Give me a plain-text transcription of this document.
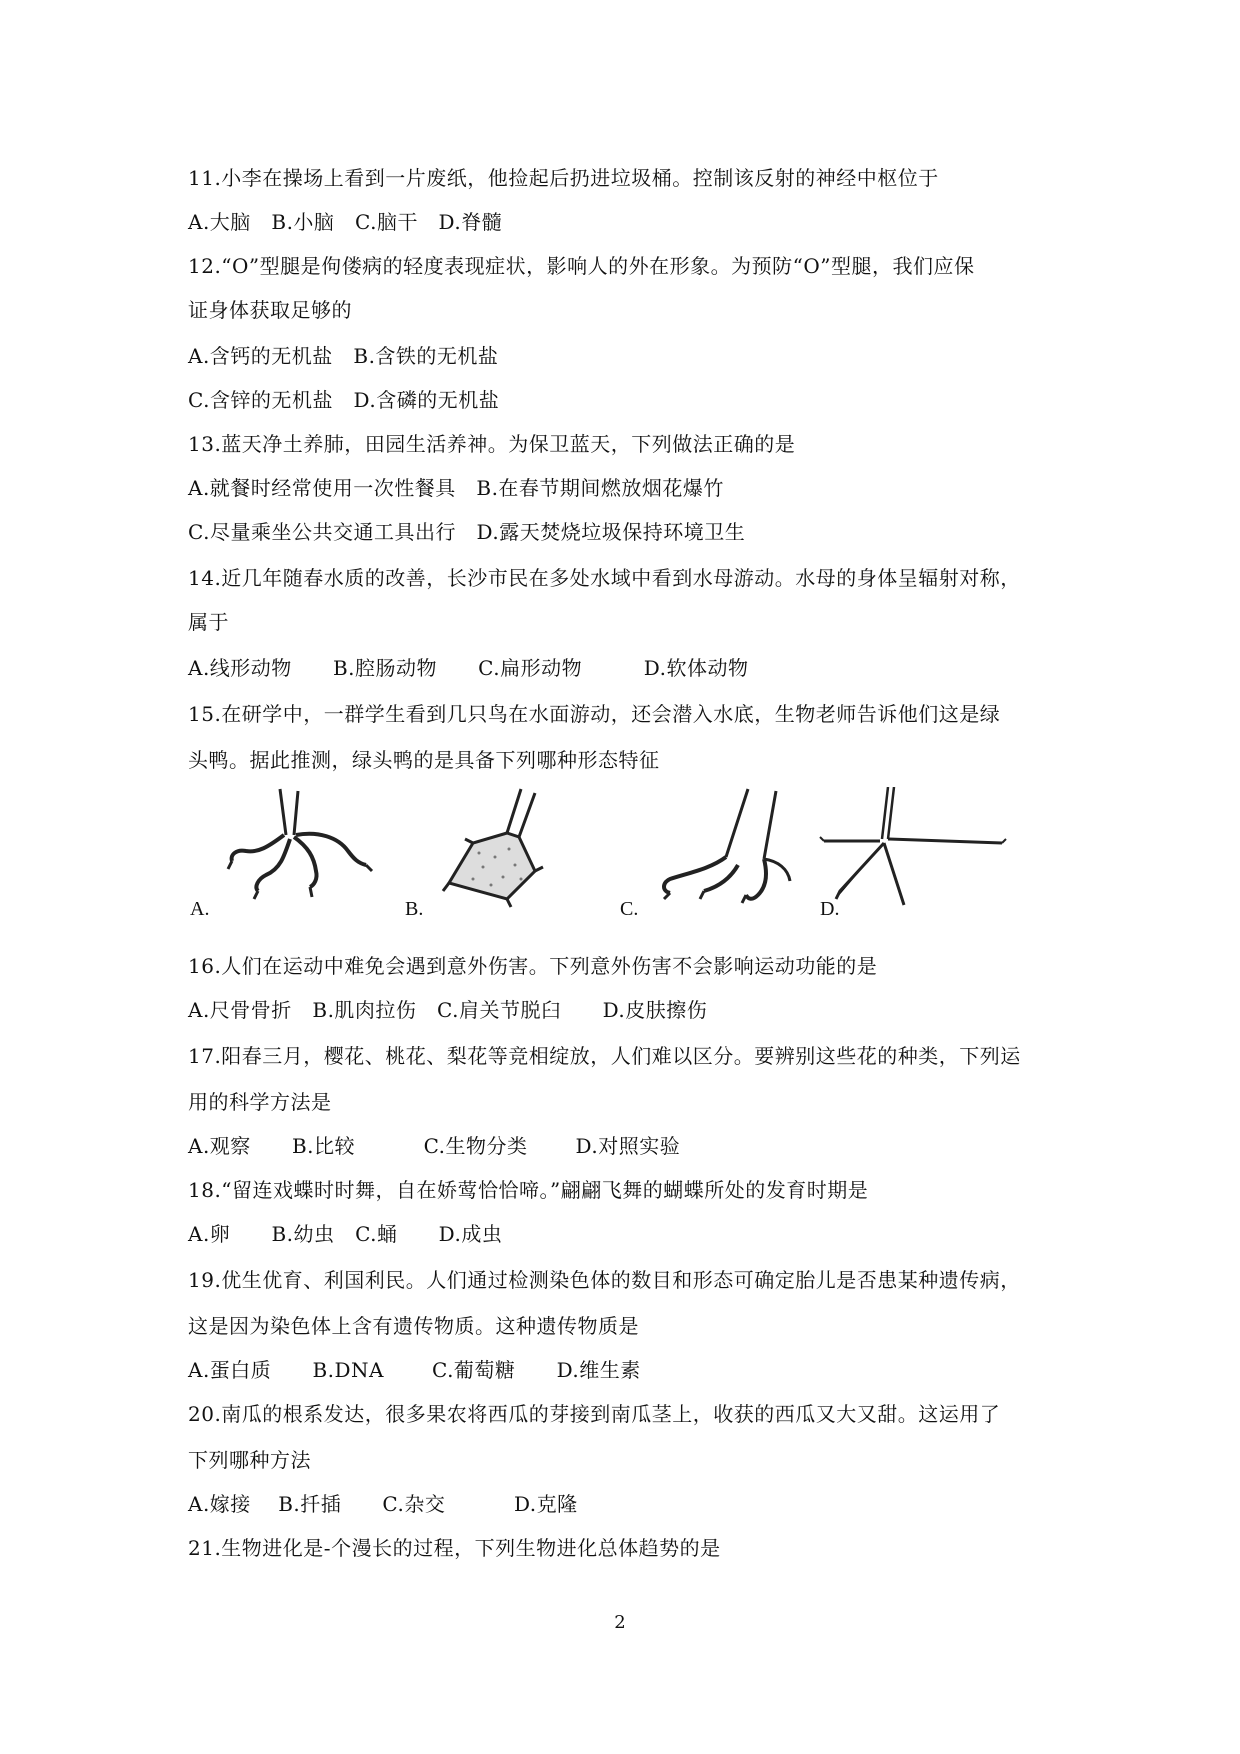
11.小李在操场上看到一片废纸，他捡起后扔进垃圾桶。控制该反射的神经中枢位于
A.大脑   B.小脑   C.脑干   D.脊髓
12.“O”型腿是佝偻病的轻度表现症状，影响人的外在形象。为预防“O”型腿，我们应保
证身体获取足够的
A.含钙的无机盐   B.含铁的无机盐
C.含锌的无机盐   D.含磷的无机盐
13.蓝天净土养肺，田园生活养神。为保卫蓝天，下列做法正确的是
A.就餐时经常使用一次性餐具   B.在春节期间燃放烟花爆竹
C.尽量乘坐公共交通工具出行   D.露天焚烧垃圾保持环境卫生
14.近几年随春水质的改善，长沙市民在多处水域中看到水母游动。水母的身体呈辐射对称，
属于
A.线形动物      B.腔肠动物      C.扁形动物         D.软体动物
15.在研学中，一群学生看到几只鸟在水面游动，还会潜入水底，生物老师告诉他们这是绿
头鸭。据此推测，绿头鸭的是具备下列哪种形态特征
A.	B.	C.	D.
16.人们在运动中难免会遇到意外伤害。下列意外伤害不会影响运动功能的是
A.尺骨骨折   B.肌肉拉伤   C.肩关节脱臼      D.皮肤擦伤
17.阳春三月，樱花、桃花、梨花等竞相绽放，人们难以区分。要辨别这些花的种类，下列运
用的科学方法是
A.观察      B.比较          C.生物分类       D.对照实验
18.“留连戏蝶时时舞，自在娇莺恰恰啼。”翩翩飞舞的蝴蝶所处的发育时期是
A.卵      B.幼虫   C.蛹      D.成虫
19.优生优育、利国利民。人们通过检测染色体的数目和形态可确定胎儿是否患某种遗传病，
这是因为染色体上含有遗传物质。这种遗传物质是
A.蛋白质      B.DNA       C.葡萄糖      D.维生素
20.南瓜的根系发达，很多果农将西瓜的芽接到南瓜茎上，收获的西瓜又大又甜。这运用了
下列哪种方法
A.嫁接    B.扦插      C.杂交          D.克隆
21.生物进化是-个漫长的过程，下列生物进化总体趋势的是
2
